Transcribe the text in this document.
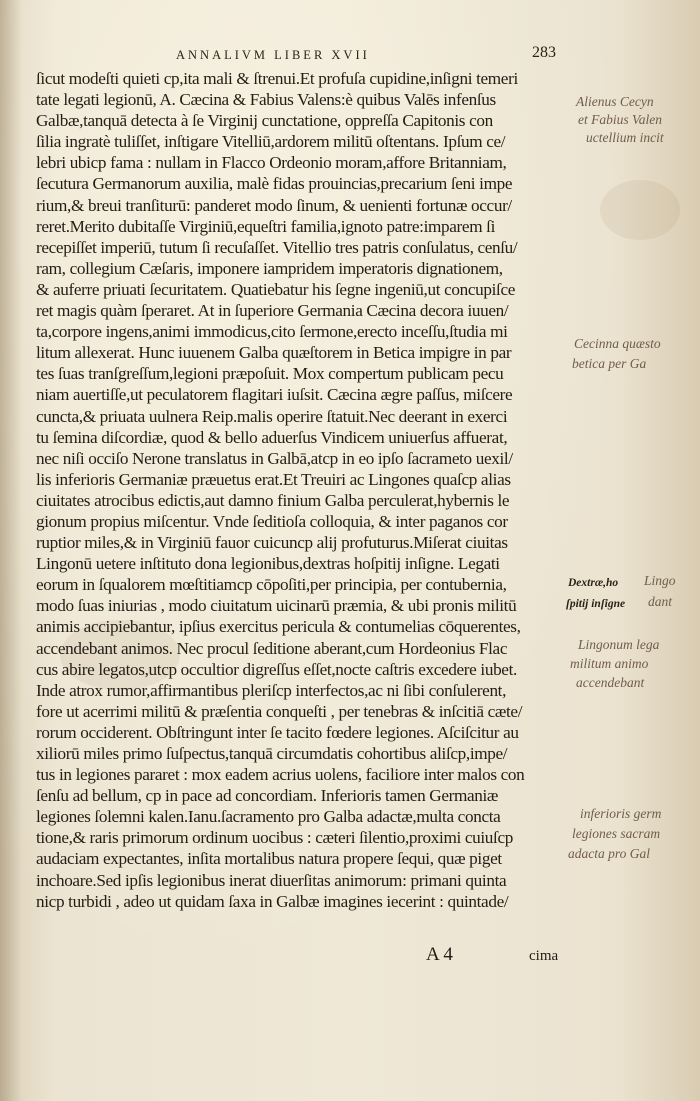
ANNALIVM LIBER XVII	283
ſicut modeſti quieti cp,ita mali & ſtrenui.Et profuſa cupidine,inſigni temeri
tate legati legionū, A. Cæcina & Fabius Valens:è quibus Valēs infenſus
Galbæ,tanquā detecta à ſe Virginij cunctatione, oppreſſa Capitonis con
ſilia ingratè tuliſſet, inſtigare Vitelliū,ardorem militū oſtentans. Ipſum ce/
lebri ubicp fama : nullam in Flacco Ordeonio moram,affore Britanniam,
ſecutura Germanorum auxilia, malè fidas prouincias,precarium ſeni impe
rium,& breui tranſiturū: panderet modo ſinum, & uenienti fortunæ occur/
reret.Merito dubitaſſe Virginiū,equeſtri familia,ignoto patre:imparem ſi
recepiſſet imperiū, tutum ſi recuſaſſet. Vitellio tres patris conſulatus, cenſu/
ram, collegium Cæſaris, imponere iampridem imperatoris dignationem,
& auferre priuati ſecuritatem. Quatiebatur his ſegne ingeniū,ut concupiſce
ret magis quàm ſperaret. At in ſuperiore Germania Cæcina decora iuuen/
ta,corpore ingens,animi immodicus,cito ſermone,erecto inceſſu,ſtudia mi
litum allexerat. Hunc iuuenem Galba quæſtorem in Betica impigre in par
tes ſuas tranſgreſſum,legioni præpoſuit. Mox compertum publicam pecu
niam auertiſſe,ut peculatorem flagitari iuſsit. Cæcina ægre paſſus, miſcere
cuncta,& priuata uulnera Reip.malis operire ſtatuit.Nec deerant in exerci
tu ſemina diſcordiæ, quod & bello aduerſus Vindicem uniuerſus affuerat,
nec niſi occiſo Nerone translatus in Galbā,atcp in eo ipſo ſacrameto uexil/
lis inferioris Germaniæ præuetus erat.Et Treuiri ac Lingones quaſcp alias
ciuitates atrocibus edictis,aut damno finium Galba perculerat,hybernis le
gionum propius miſcentur. Vnde ſeditioſa colloquia, & inter paganos cor
ruptior miles,& in Virginiū fauor cuicuncp alij profuturus.Miſerat ciuitas
Lingonū uetere inſtituto dona legionibus,dextras hoſpitij inſigne. Legati
eorum in ſqualorem mœſtitiamcp cōpoſiti,per principia, per contubernia,
modo ſuas iniurias , modo ciuitatum uicinarū præmia, & ubi pronis militū
animis accipiebantur, ipſius exercitus pericula & contumelias cōquerentes,
accendebant animos. Nec procul ſeditione aberant,cum Hordeonius Flac
cus abire legatos,utcp occultior digreſſus eſſet,nocte caſtris excedere iubet.
Inde atrox rumor,affirmantibus pleriſcp interfectos,ac ni ſibi conſulerent,
fore ut acerrimi militū & præſentia conqueſti , per tenebras & inſcitiā cæte/
rorum occiderent. Obſtringunt inter ſe tacito fœdere legiones. Aſciſcitur au
xiliorū miles primo ſuſpectus,tanquā circumdatis cohortibus aliſcp,impe/
tus in legiones pararet : mox eadem acrius uolens, faciliore inter malos con
ſenſu ad bellum, cp in pace ad concordiam. Inferioris tamen Germaniæ
legiones ſolemni kalen.Ianu.ſacramento pro Galba adactæ,multa concta
tione,& raris primorum ordinum uocibus : cæteri ſilentio,proximi cuiuſcp
audaciam expectantes, inſita mortalibus natura propere ſequi, quæ piget
inchoare.Sed ipſis legionibus inerat diuerſitas animorum: primani quinta
nicp turbidi , adeo ut quidam ſaxa in Galbæ imagines iecerint : quintade/
A 4	cima
Dextræ,ho
ſpitij inſigne
Alienus Cecyn
et Fabius Valen
uctellium incit
Cecinna quæsto
betica per Ga
Lingo
dant
Lingonum lega
militum animo
accendebant
inferioris germ
legiones sacram
adacta pro Gal
